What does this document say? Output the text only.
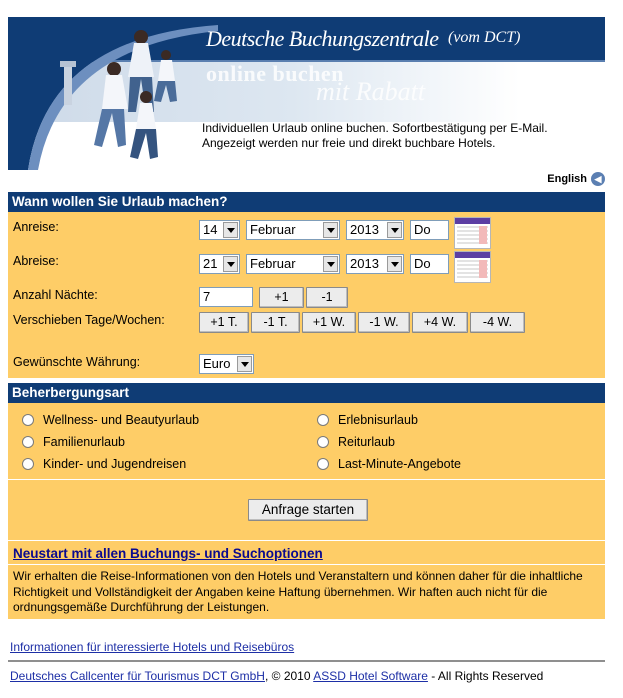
Deutsche Buchungszentrale (vom DCT)
online buchen
mit Rabatt
Individuellen Urlaub online buchen. Sofortbestätigung per E-Mail.
Angezeigt werden nur freie und direkt buchbare Hotels.
English ◀
Wann wollen Sie Urlaub machen?
Anreise:	14	Februar	2013	Do
Abreise:	21	Februar	2013	Do
Anzahl Nächte:	7	+1	-1
Verschieben Tage/Wochen:	+1 T.	-1 T.	+1 W.	-1 W.	+4 W.	-4 W.
Gewünschte Währung:	Euro
Beherbergungsart
Wellness- und Beautyurlaub
Familienurlaub
Kinder- und Jugendreisen
Erlebnisurlaub
Reiturlaub
Last-Minute-Angebote
Anfrage starten
Neustart mit allen Buchungs- und Suchoptionen
Wir erhalten die Reise-Informationen von den Hotels und Veranstaltern und können daher für die inhaltliche Richtigkeit und Vollständigkeit der Angaben keine Haftung übernehmen. Wir haften auch nicht für die ordnungsgemäße Durchführung der Leistungen.
Informationen für interessierte Hotels und Reisebüros
Deutsches Callcenter für Tourismus DCT GmbH, © 2010 ASSD Hotel Software - All Rights Reserved
